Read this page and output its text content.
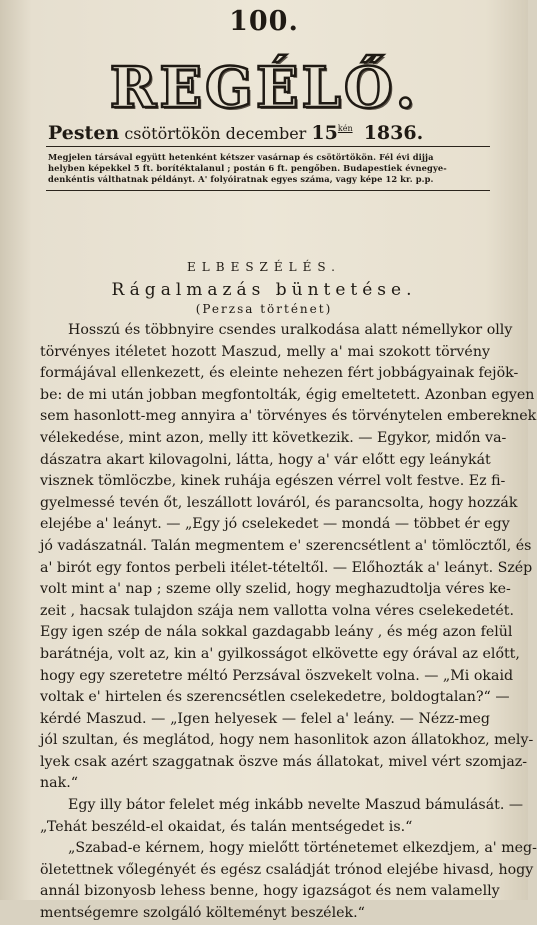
100.
REGÉLŐ.
Pesten csötörtökön december $15^{kén}$ 1836.
Megjelen társával együtt hetenként kétszer vasárnap és csötörtökön. Fél évi dijja
helyben képekkel 5 ft. borítéktalanul ; postán 6 ft. pengőben. Budapestiek évnegye-
denkéntis válthatnak példányt. A' folyóiratnak egyes száma, vagy képe 12 kr. p.p.
ELBESZÉLÉS.
Rágalmazás büntetése.
(Perzsa történet)
Hosszú és többnyire csendes uralkodása alatt némellykor olly
törvényes itéletet hozott Maszud, melly a' mai szokott törvény
formájával ellenkezett, és eleinte nehezen fért jobbágyainak fejök-
be: de mi után jobban megfontolták, égig emeltetett. Azonban egyen
sem hasonlott-meg annyira a' törvényes és törvénytelen embereknek
vélekedése, mint azon, melly itt következik. — Egykor, midőn va-
dászatra akart kilovagolni, látta, hogy a' vár előtt egy leánykát
visznek tömlöczbe, kinek ruhája egészen vérrel volt festve. Ez fi-
gyelmessé tevén őt, leszállott lováról, és parancsolta, hogy hozzák
elejébe a' leányt. — „Egy jó cselekedet — mondá — többet ér egy
jó vadászatnál. Talán megmentem e' szerencsétlent a' tömlöcztől, és
a' birót egy fontos perbeli itélet-tételtől. — Előhozták a' leányt. Szép
volt mint a' nap ; szeme olly szelid, hogy meghazudtolja véres ke-
zeit , hacsak tulajdon szája nem vallotta volna véres cselekedetét.
Egy igen szép de nála sokkal gazdagabb leány , és még azon felül
barátnéja, volt az, kin a' gyilkosságot elkövette egy órával az előtt,
hogy egy szeretetre méltó Perzsával öszvekelt volna. — „Mi okaid
voltak e' hirtelen és szerencsétlen cselekedetre, boldogtalan?“ —
kérdé Maszud. — „Igen helyesek — felel a' leány. — Nézz-meg
jól szultan, és meglátod, hogy nem hasonlitok azon állatokhoz, mely-
lyek csak azért szaggatnak öszve más állatokat, mivel vért szomjaz-
nak.“
Egy illy bátor felelet még inkább nevelte Maszud bámulását. —
„Tehát beszéld-el okaidat, és talán mentségedet is.“
„Szabad-e kérnem, hogy mielőtt történetemet elkezdjem, a' meg-
öletettnek vőlegényét és egész családját trónod elejébe hivasd, hogy
annál bizonyosb lehess benne, hogy igazságot és nem valamelly
mentségemre szolgáló költeményt beszélek.“
